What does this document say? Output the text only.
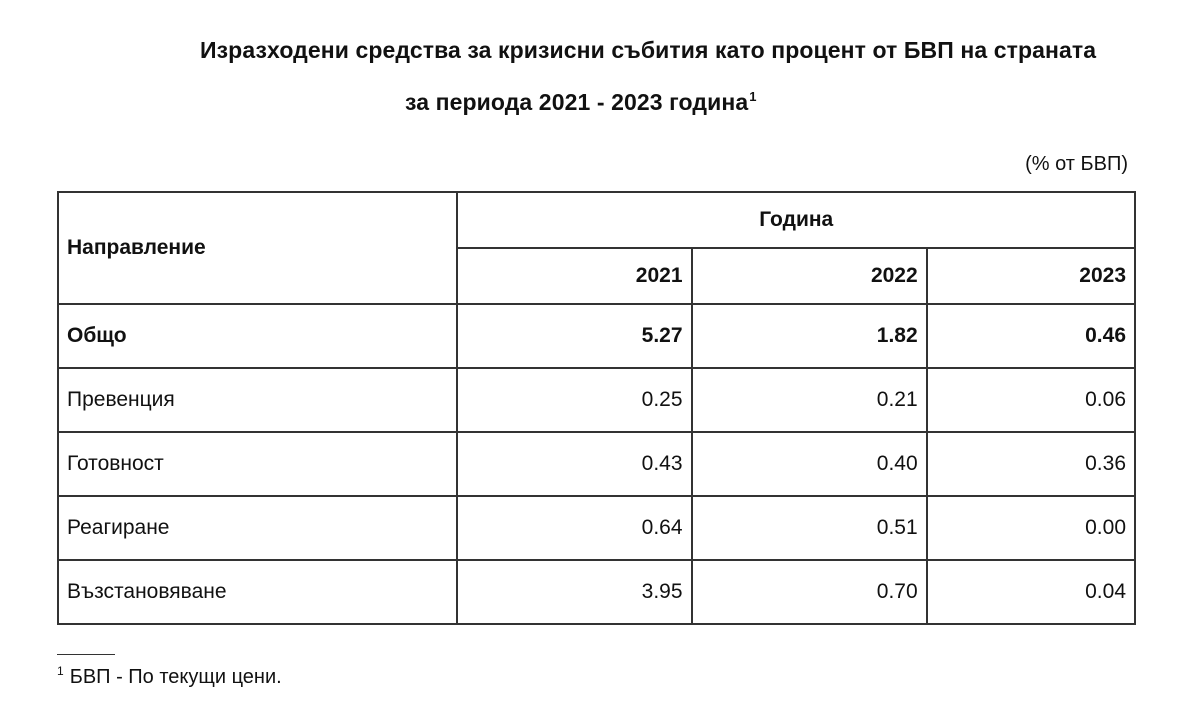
Изразходени средства за кризисни събития като процент от БВП на страната
за периода 2021 - 2023 година$^1$
(% от БВП)
Направление	Година		
	2021	2022	2023
Общо	5.27	1.82	0.46
Превенция	0.25	0.21	0.06
Готовност	0.43	0.40	0.36
Реагиране	0.64	0.51	0.00
Възстановяване	3.95	0.70	0.04
$^1$ БВП - По текущи цени.
